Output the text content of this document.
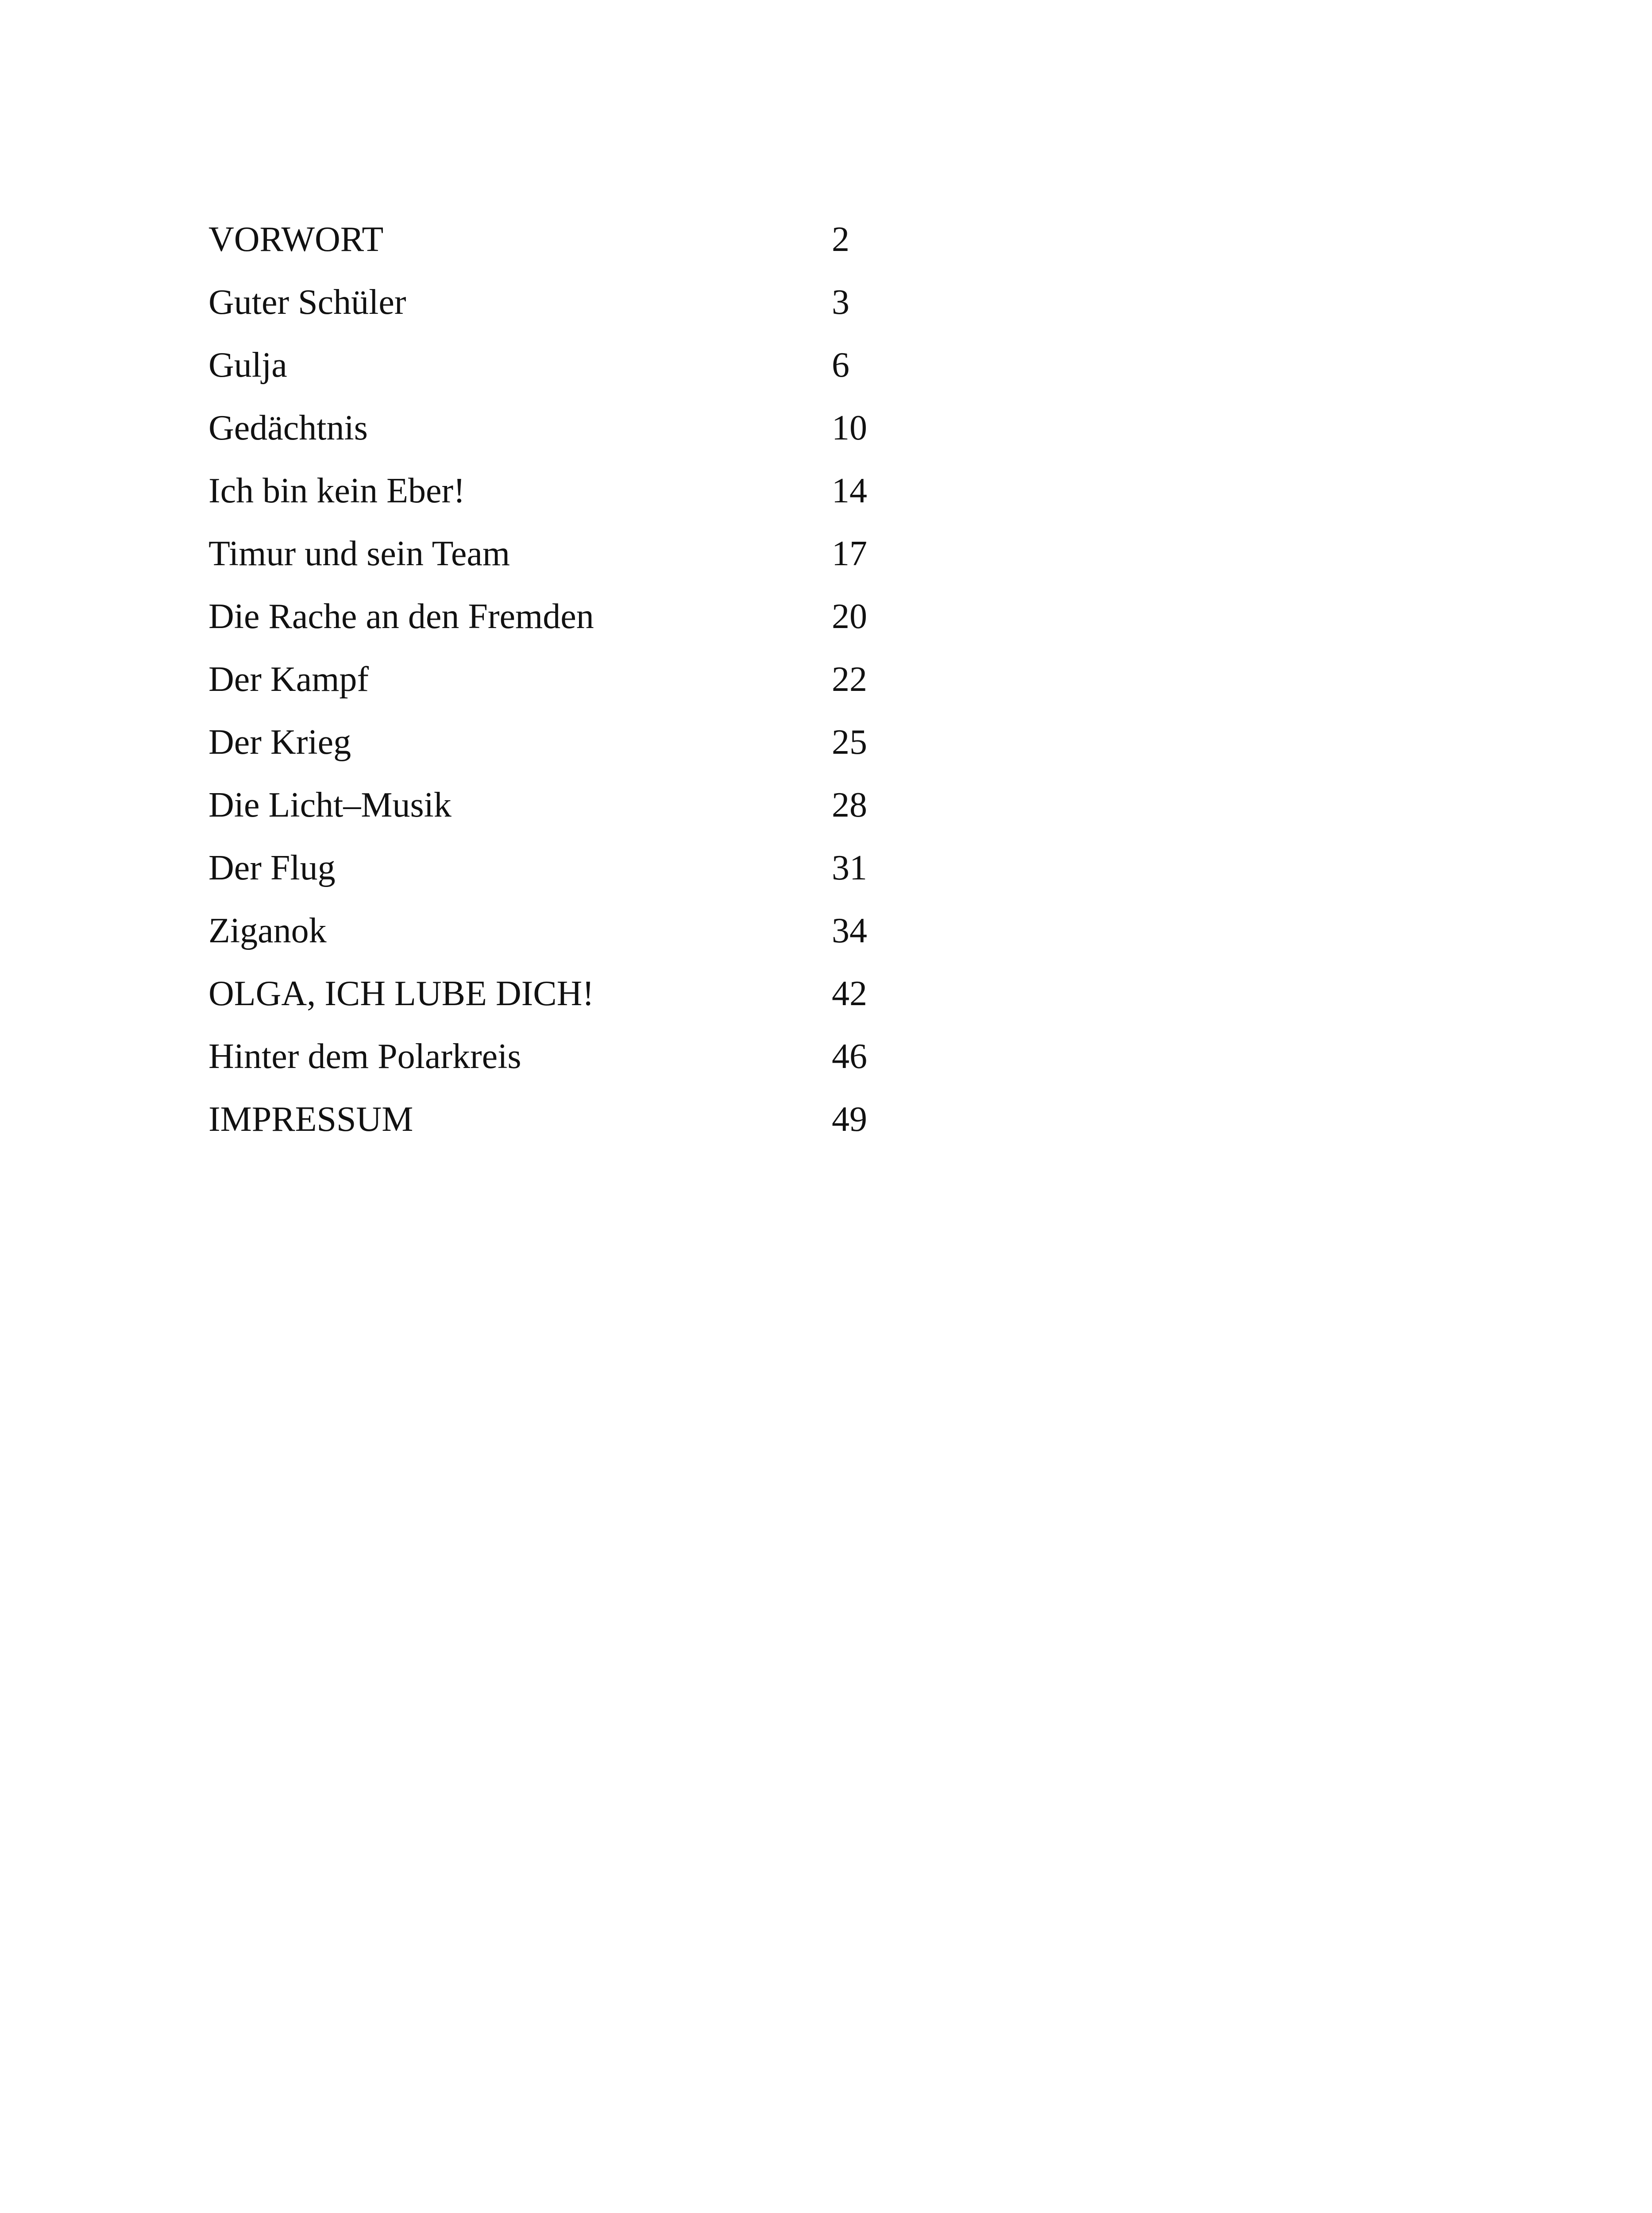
VORWORT	2
Guter Schüler	3
Gulja	6
Gedächtnis	10
Ich bin kein Eber!	14
Timur und sein Team	17
Die Rache an den Fremden	20
Der Kampf	22
Der Krieg	25
Die Licht–Musik	28
Der Flug	31
Ziganok	34
OLGA, ICH LUBE DICH!	42
Hinter dem Polarkreis	46
IMPRESSUM	49
